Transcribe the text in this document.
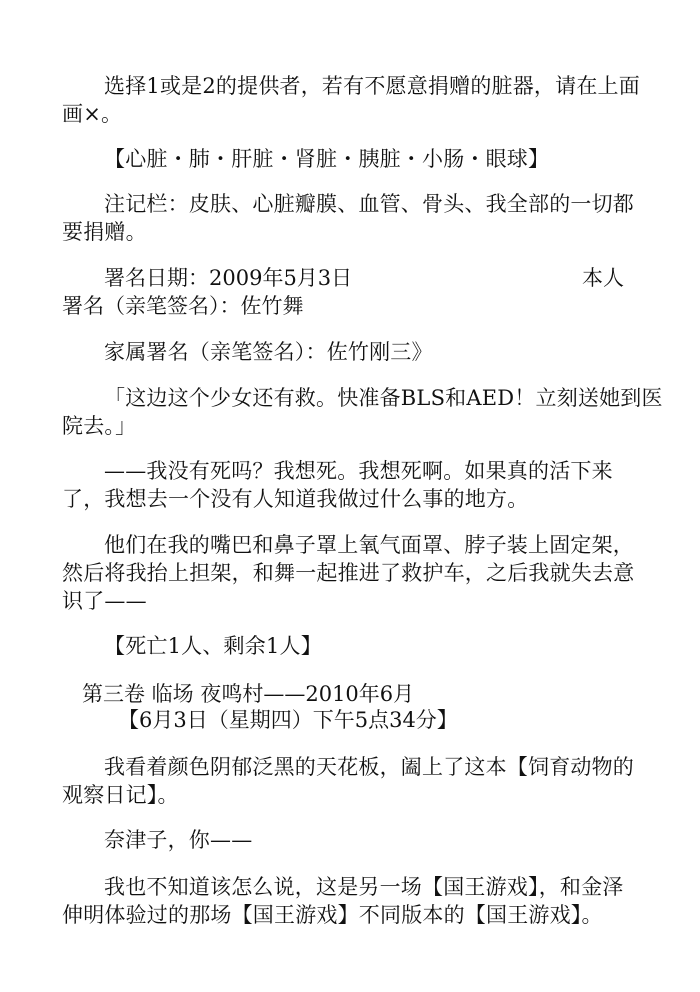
选择1或是2的提供者，若有不愿意捐赠的脏器，请在上面
画×。

【心脏・肺・肝脏・肾脏・胰脏・小肠・眼球】

注记栏：皮肤、心脏瓣膜、血管、骨头、我全部的一切都
要捐赠。

署名日期：2009年5月3日	本人
署名（亲笔签名）：佐竹舞

家属署名（亲笔签名）：佐竹刚三》

「这边这个少女还有救。快准备BLS和AED！立刻送她到医
院去。」

——我没有死吗？我想死。我想死啊。如果真的活下来
了，我想去一个没有人知道我做过什么事的地方。

他们在我的嘴巴和鼻子罩上氧气面罩、脖子装上固定架，
然后将我抬上担架，和舞一起推进了救护车，之后我就失去意
识了——

【死亡1人、剩余1人】

第三卷 临场 夜鸣村——2010年6月
【6月3日（星期四）下午5点34分】

我看着颜色阴郁泛黑的天花板，阖上了这本【饲育动物的
观察日记】。

奈津子，你——

我也不知道该怎么说，这是另一场【国王游戏】，和金泽
伸明体验过的那场【国王游戏】不同版本的【国王游戏】。
